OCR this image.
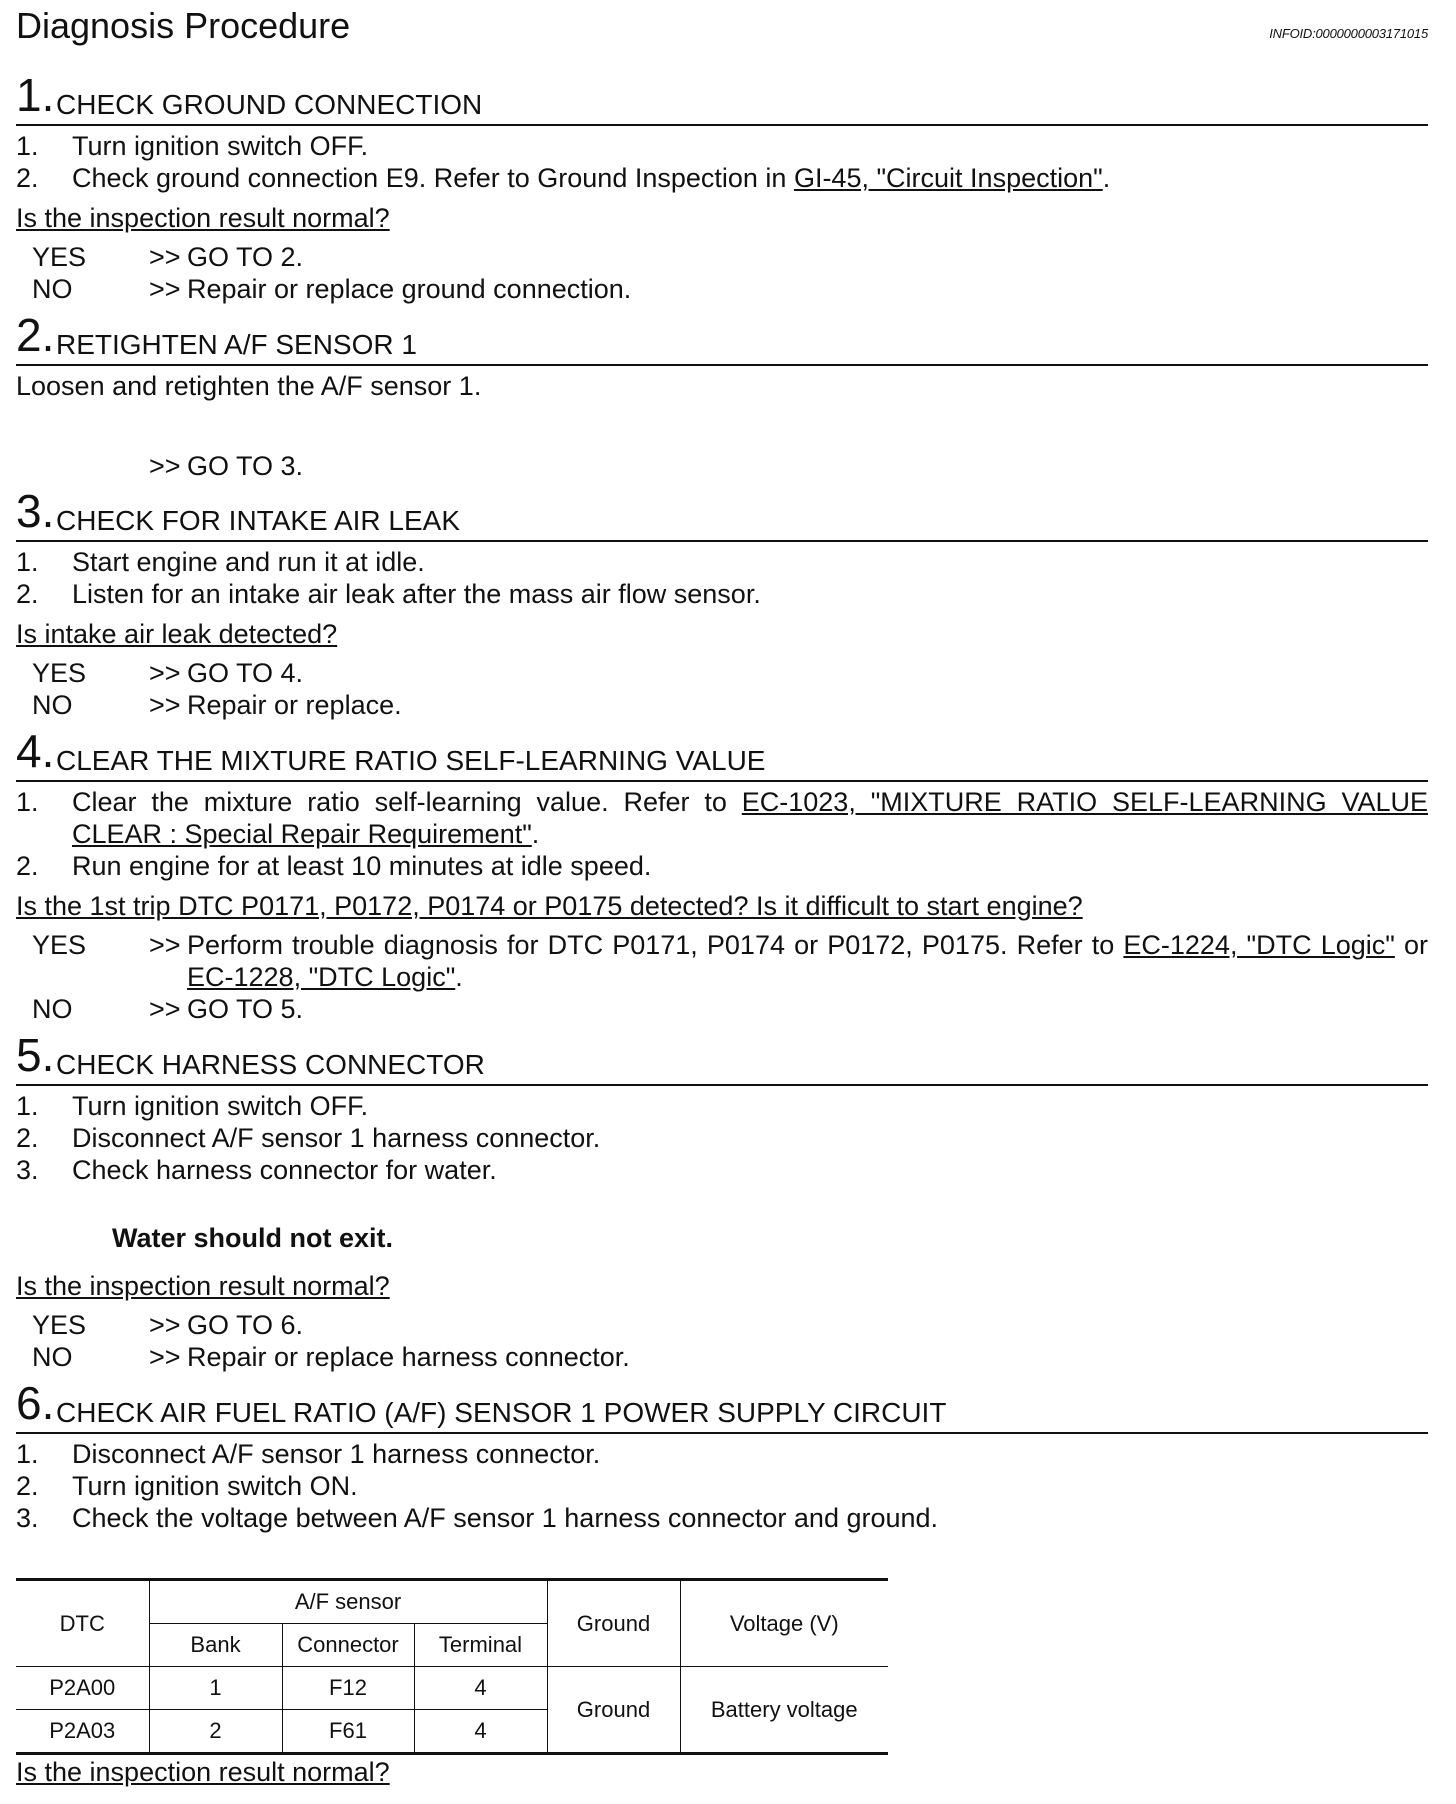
Diagnosis Procedure	INFOID:0000000003171015
1. CHECK GROUND CONNECTION
1. Turn ignition switch OFF.
2. Check ground connection E9. Refer to Ground Inspection in GI-45, "Circuit Inspection".
Is the inspection result normal?
YES >> GO TO 2.
NO	>> Repair or replace ground connection.
2. RETIGHTEN A/F SENSOR 1
Loosen and retighten the A/F sensor 1.
>> GO TO 3.
3. CHECK FOR INTAKE AIR LEAK
1. Start engine and run it at idle.
2. Listen for an intake air leak after the mass air flow sensor.
Is intake air leak detected?
YES >> GO TO 4.
NO	>> Repair or replace.
4. CLEAR THE MIXTURE RATIO SELF-LEARNING VALUE
1. Clear the mixture ratio self-learning value. Refer to EC-1023, "MIXTURE RATIO SELF-LEARNING VALUE CLEAR : Special Repair Requirement".
2. Run engine for at least 10 minutes at idle speed.
Is the 1st trip DTC P0171, P0172, P0174 or P0175 detected? Is it difficult to start engine?
YES >> Perform trouble diagnosis for DTC P0171, P0174 or P0172, P0175. Refer to EC-1224, "DTC Logic" or EC-1228, "DTC Logic".
NO	>> GO TO 5.
5. CHECK HARNESS CONNECTOR
1. Turn ignition switch OFF.
2. Disconnect A/F sensor 1 harness connector.
3. Check harness connector for water.
Water should not exit.
Is the inspection result normal?
YES >> GO TO 6.
NO	>> Repair or replace harness connector.
6. CHECK AIR FUEL RATIO (A/F) SENSOR 1 POWER SUPPLY CIRCUIT
1. Disconnect A/F sensor 1 harness connector.
2. Turn ignition switch ON.
3. Check the voltage between A/F sensor 1 harness connector and ground.
DTC	A/F sensor			Ground	Voltage (V)
	Bank	Connector	Terminal		
P2A00	1	F12	4	Ground	Battery voltage
P2A03	2	F61	4		
Is the inspection result normal?
